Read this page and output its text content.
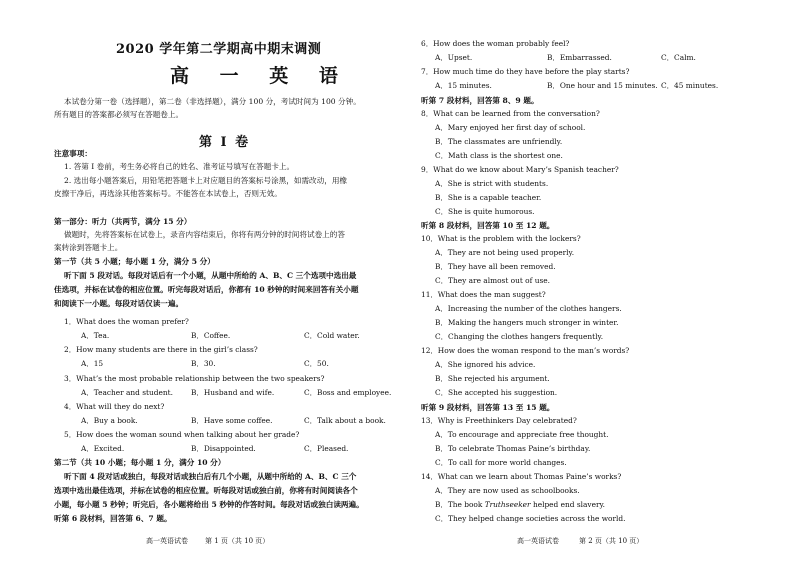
2020 学年第二学期高中期末调测
高 一 英 语
本试卷分第一卷（选择题），第二卷（非选择题），满分 100 分，考试时间为 100 分钟。
所有题目的答案都必须写在答题卷上。
第 I 卷
注意事项：
1. 答第 I 卷前，考生务必将自己的姓名、准考证号填写在答题卡上。
2. 选出每小题答案后，用铅笔把答题卡上对应题目的答案标号涂黑，如需改动，用橡
皮擦干净后，再选涂其他答案标号。不能答在本试卷上，否则无效。
第一部分：听力（共两节，满分 15 分）
做题时，先将答案标在试卷上，录音内容结束后，你将有两分钟的时间将试卷上的答
案转涂到答题卡上。
第一节（共 5 小题；每小题 1 分，满分 5 分）
听下面 5 段对话。每段对话后有一个小题，从题中所给的 A、B、C 三个选项中选出最
佳选项，并标在试卷的相应位置。听完每段对话后，你都有 10 秒钟的时间来回答有关小题
和阅读下一小题。每段对话仅读一遍。
1．What does the woman prefer?
A．Tea.	B．Coffee.	C．Cold water.
2．How many students are there in the girl’s class?
A．15	B．30.	C．50.
3．What’s the most probable relationship between the two speakers?
A．Teacher and student. B．Husband and wife.	C．Boss and employee.
4．What will they do next?
A．Buy a book.	B．Have some coffee.	C．Talk about a book.
5．How does the woman sound when talking about her grade?
A．Excited.	B．Disappointed.	C．Pleased.
第二节（共 10 小题；每小题 1 分，满分 10 分）
听下面 4 段对话或独白，每段对话或独白后有几个小题，从题中所给的 A、B、C 三个
选项中选出最佳选项，并标在试卷的相应位置。听每段对话或独白前，你将有时间阅读各个
小题，每小题 5 秒钟；听完后，各小题将给出 5 秒钟的作答时间。每段对话或独白读两遍。
听第 6 段材料，回答第 6、7 题。
高一英语试卷 第 1 页（共 10 页）	高一英语试卷	第 2 页（共 10 页）
6．How does the woman probably feel?
A．Upset.	B．Embarrassed.	C．Calm.
7．How much time do they have before the play starts?
A．15 minutes.	B．One hour and 15 minutes. C．45 minutes.
听第 7 段材料，回答第 8、9 题。
8．What can be learned from the conversation?
A．Mary enjoyed her first day of school.
B．The classmates are unfriendly.
C．Math class is the shortest one.
9．What do we know about Mary’s Spanish teacher?
A．She is strict with students.
B．She is a capable teacher.
C．She is quite humorous.
听第 8 段材料，回答第 10 至 12 题。
10．What is the problem with the lockers?
A．They are not being used properly.
B．They have all been removed.
C．They are almost out of use.
11．What does the man suggest?
A．Increasing the number of the clothes hangers.
B．Making the hangers much stronger in winter.
C．Changing the clothes hangers frequently.
12．How does the woman respond to the man’s words?
A．She ignored his advice.
B．She rejected his argument.
C．She accepted his suggestion.
听第 9 段材料，回答第 13 至 15 题。
13．Why is Freethinkers Day celebrated?
A．To encourage and appreciate free thought.
B．To celebrate Thomas Paine’s birthday.
C．To call for more world changes.
14．What can we learn about Thomas Paine’s works?
A．They are now used as schoolbooks.
B．The book Truthseeker helped end slavery.
C．They helped change societies across the world.
